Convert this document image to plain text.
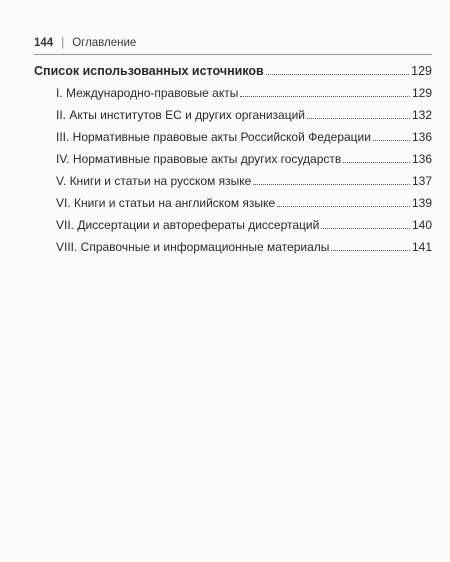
144 | Оглавление
Список использованных источников	129
I. Международно-правовые акты	129
II. Акты институтов ЕС и других организаций	132
III. Нормативные правовые акты Российской Федерации	136
IV. Нормативные правовые акты других государств	136
V. Книги и статьи на русском языке	137
VI. Книги и статьи на английском языке	139
VII. Диссертации и авторефераты диссертаций	140
VIII. Справочные и информационные материалы	141
